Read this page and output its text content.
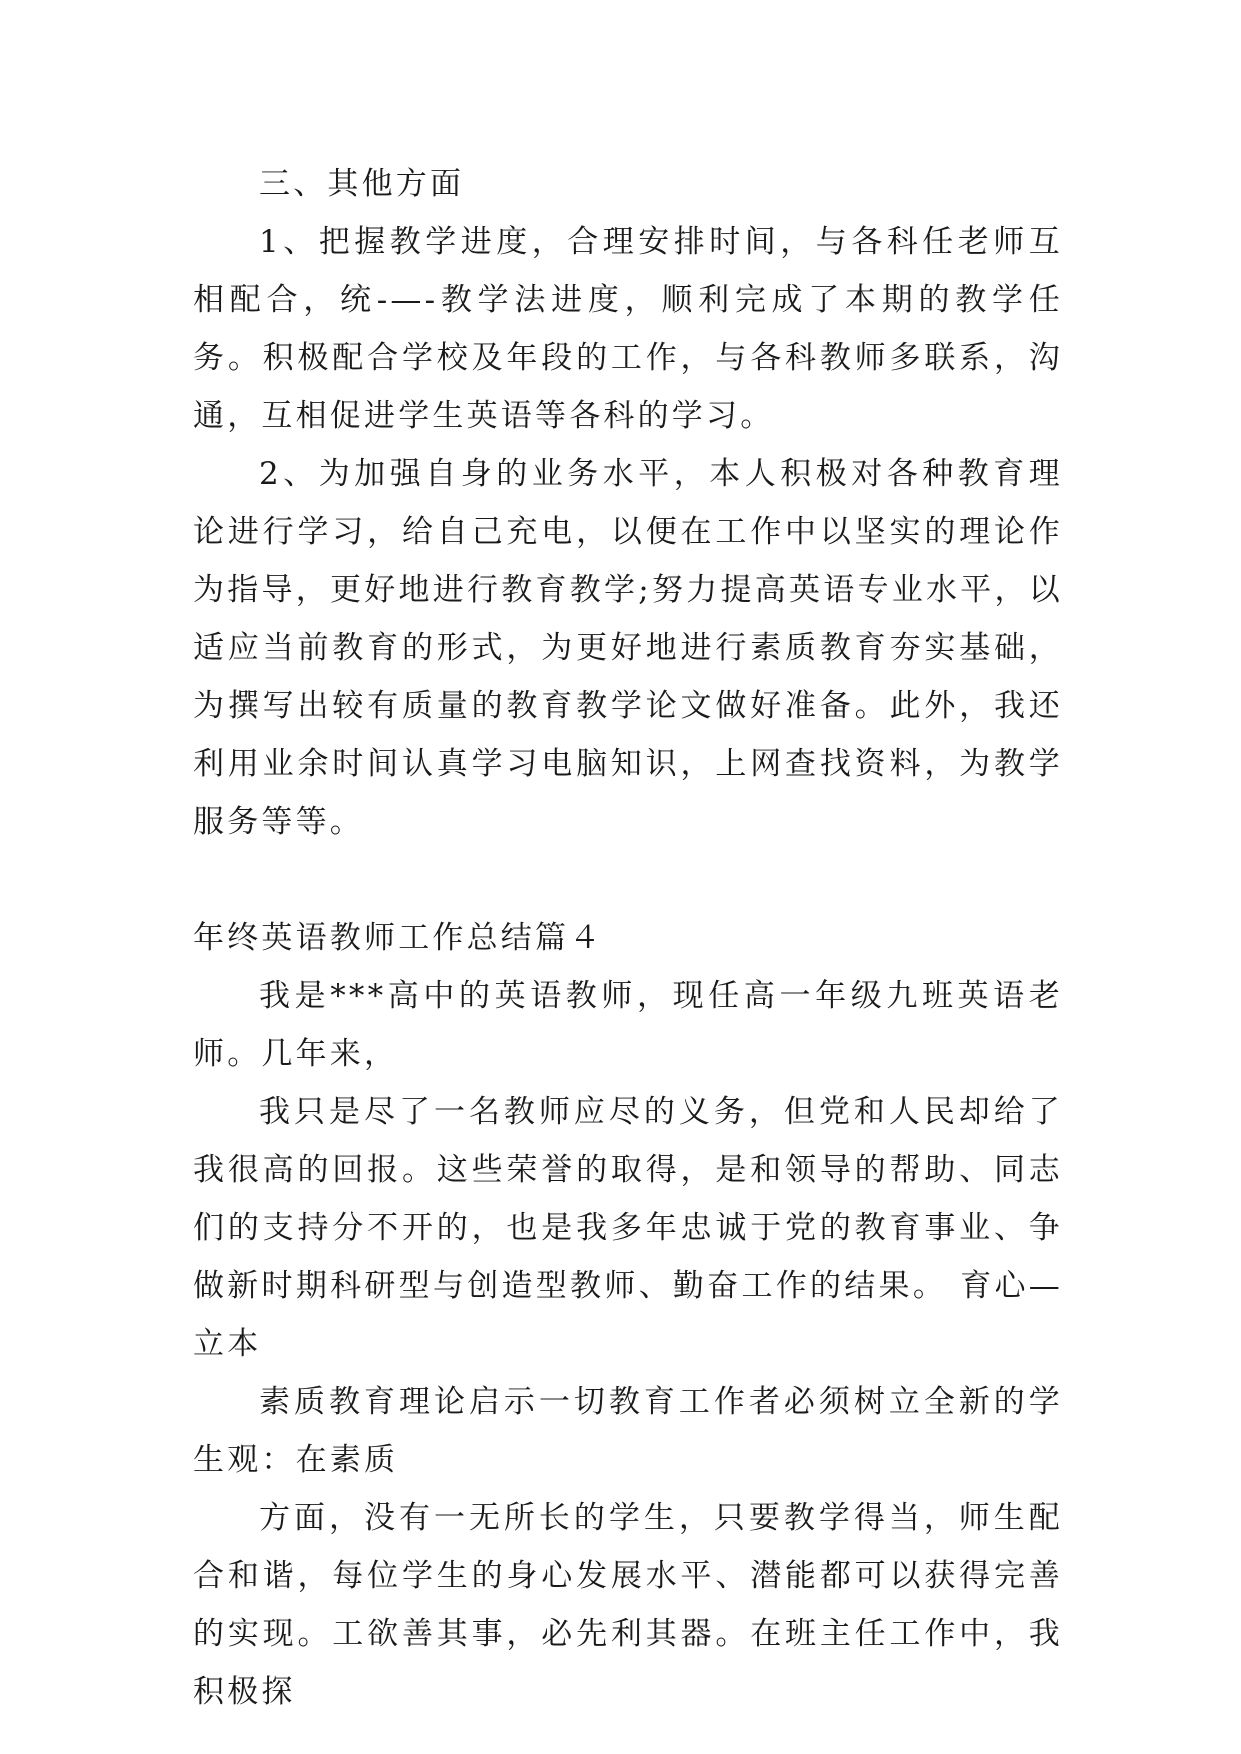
三、其他方面

1、把握教学进度，合理安排时间，与各科任老师互相配合，统-—-教学法进度，顺利完成了本期的教学任务。积极配合学校及年段的工作，与各科教师多联系，沟通，互相促进学生英语等各科的学习。

2、为加强自身的业务水平，本人积极对各种教育理论进行学习，给自己充电，以便在工作中以坚实的理论作为指导，更好地进行教育教学;努力提高英语专业水平，以适应当前教育的形式，为更好地进行素质教育夯实基础，为撰写出较有质量的教育教学论文做好准备。此外，我还利用业余时间认真学习电脑知识，上网查找资料，为教学服务等等。

年终英语教师工作总结篇４

我是***高中的英语教师，现任高一年级九班英语老师。几年来，

我只是尽了一名教师应尽的义务，但党和人民却给了我很高的回报。这些荣誉的取得，是和领导的帮助、同志们的支持分不开的，也是我多年忠诚于党的教育事业、争做新时期科研型与创造型教师、勤奋工作的结果。 育心—立本

素质教育理论启示一切教育工作者必须树立全新的学生观：在素质

方面，没有一无所长的学生，只要教学得当，师生配合和谐，每位学生的身心发展水平、潜能都可以获得完善的实现。工欲善其事，必先利其器。在班主任工作中，我积极探
